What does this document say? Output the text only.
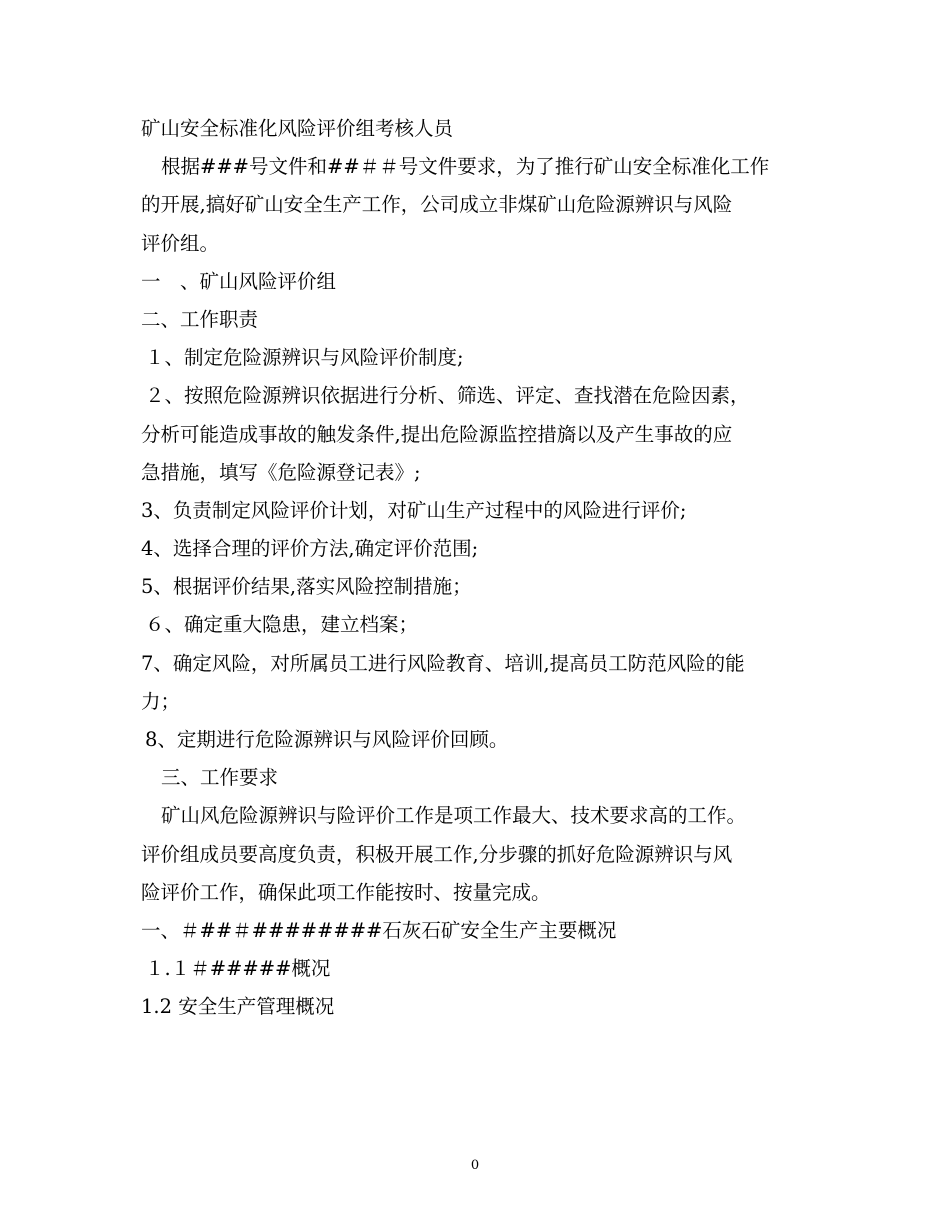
矿山安全标准化风险评价组考核人员

根据###号文件和##＃＃号文件要求，为了推行矿山安全标准化工作

的开展,搞好矿山安全生产工作，公司成立非煤矿山危险源辨识与风险

评价组。

一　、矿山风险评价组

二、工作职责

１、制定危险源辨识与风险评价制度;

２、按照危险源辨识依据进行分析、筛选、评定、查找潜在危险因素，

分析可能造成事故的触发条件,提出危险源监控措旖以及产生事故的应

急措施，填写《危险源登记表》;

3、负责制定风险评价计划，对矿山生产过程中的风险进行评价;

4、选择合理的评价方法,确定评价范围;

5、根据评价结果,落实风险控制措施；

６、确定重大隐患，建立档案；

7、确定风险，对所属员工进行风险教育、培训,提高员工防范风险的能

力；

8、定期进行危险源辨识与风险评价回顾。

三、工作要求

矿山风危险源辨识与险评价工作是项工作最大、技术要求高的工作。

评价组成员要高度负责，积极开展工作,分步骤的抓好危险源辨识与风

险评价工作，确保此项工作能按时、按量完成。

一、＃##＃########石灰石矿安全生产主要概况

１.１＃#####概况

1.2 安全生产管理概况

0
